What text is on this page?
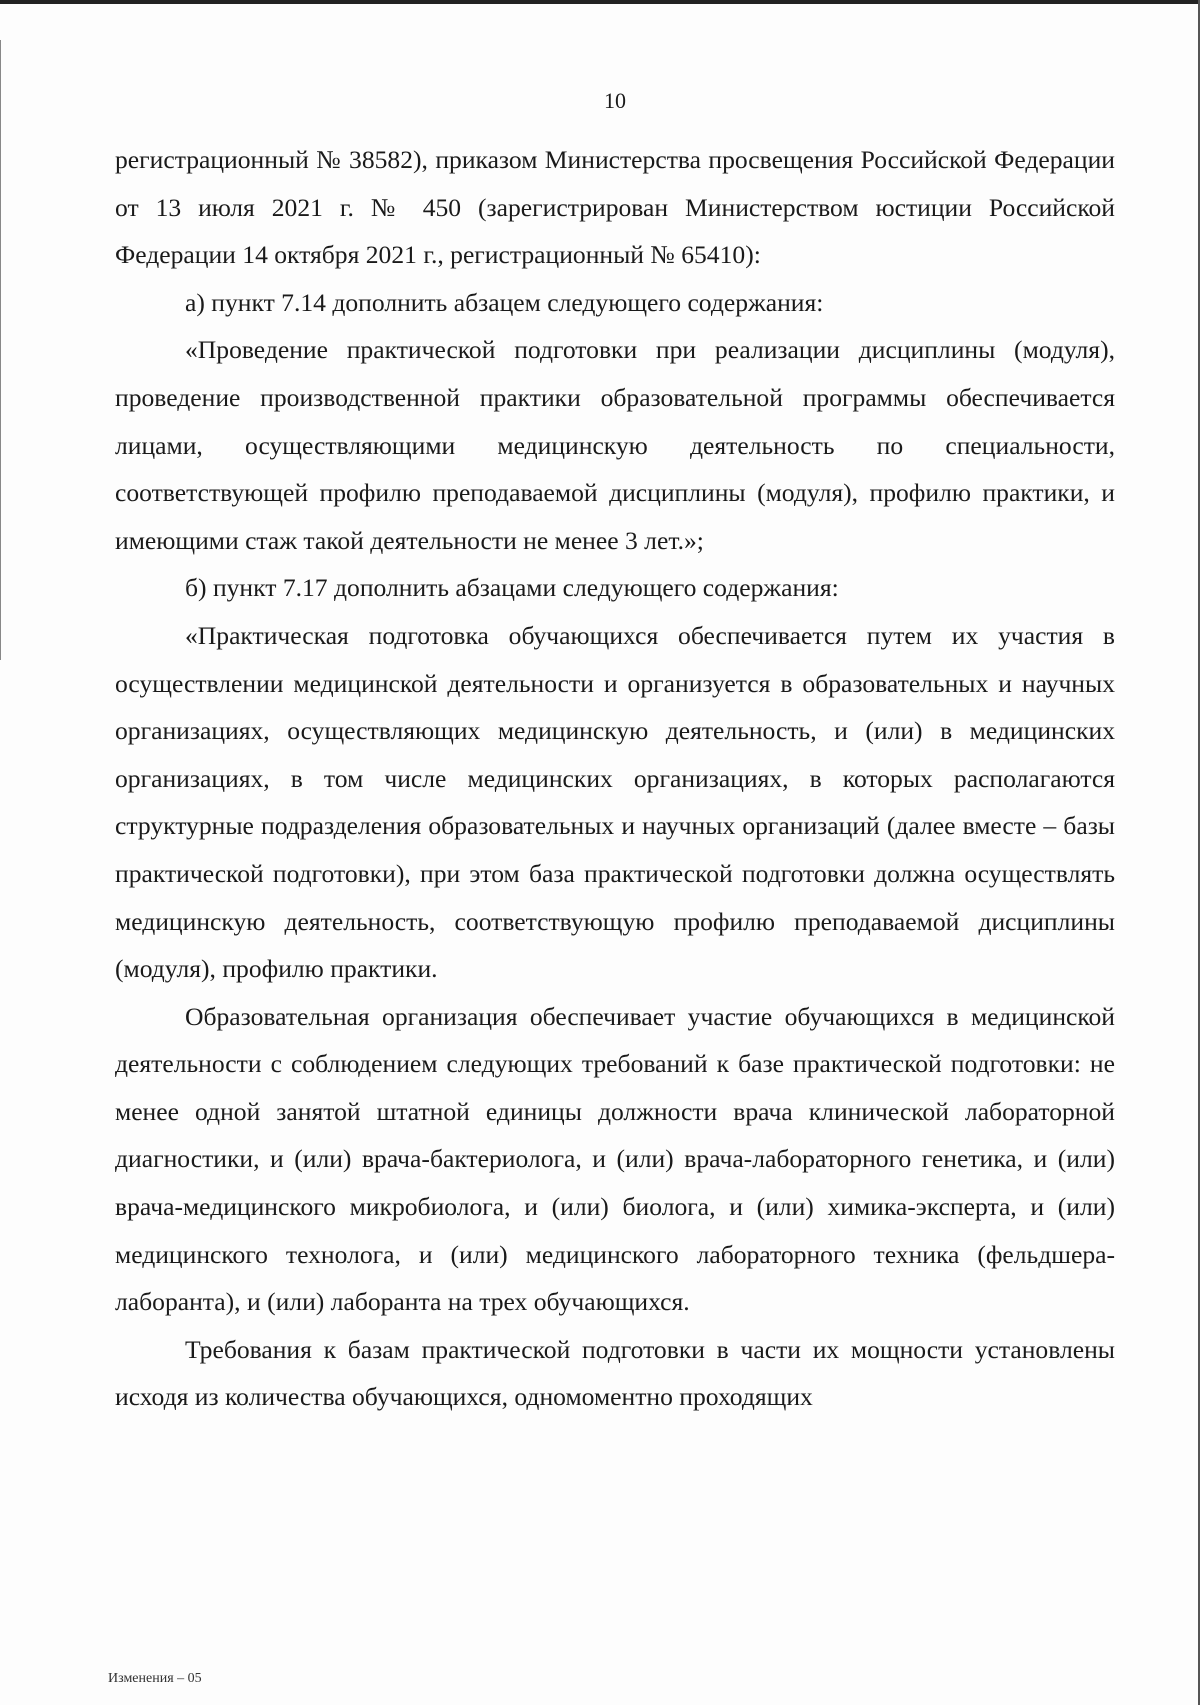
10

регистрационный № 38582), приказом Министерства просвещения Российской Федерации от 13 июля 2021 г. № 450 (зарегистрирован Министерством юстиции Российской Федерации 14 октября 2021 г., регистрационный № 65410):

а) пункт 7.14 дополнить абзацем следующего содержания:

«Проведение практической подготовки при реализации дисциплины (модуля), проведение производственной практики образовательной программы обеспечивается лицами, осуществляющими медицинскую деятельность по специальности, соответствующей профилю преподаваемой дисциплины (модуля), профилю практики, и имеющими стаж такой деятельности не менее 3 лет.»;

б) пункт 7.17 дополнить абзацами следующего содержания:

«Практическая подготовка обучающихся обеспечивается путем их участия в осуществлении медицинской деятельности и организуется в образовательных и научных организациях, осуществляющих медицинскую деятельность, и (или) в медицинских организациях, в том числе медицинских организациях, в которых располагаются структурные подразделения образовательных и научных организаций (далее вместе – базы практической подготовки), при этом база практической подготовки должна осуществлять медицинскую деятельность, соответствующую профилю преподаваемой дисциплины (модуля), профилю практики.

Образовательная организация обеспечивает участие обучающихся в медицинской деятельности с соблюдением следующих требований к базе практической подготовки: не менее одной занятой штатной единицы должности врача клинической лабораторной диагностики, и (или) врача-бактериолога, и (или) врача-лабораторного генетика, и (или) врача-медицинского микробиолога, и (или) биолога, и (или) химика-эксперта, и (или) медицинского технолога, и (или) медицинского лабораторного техника (фельдшера-лаборанта), и (или) лаборанта на трех обучающихся.

Требования к базам практической подготовки в части их мощности установлены исходя из количества обучающихся, одномоментно проходящих

Изменения – 05
